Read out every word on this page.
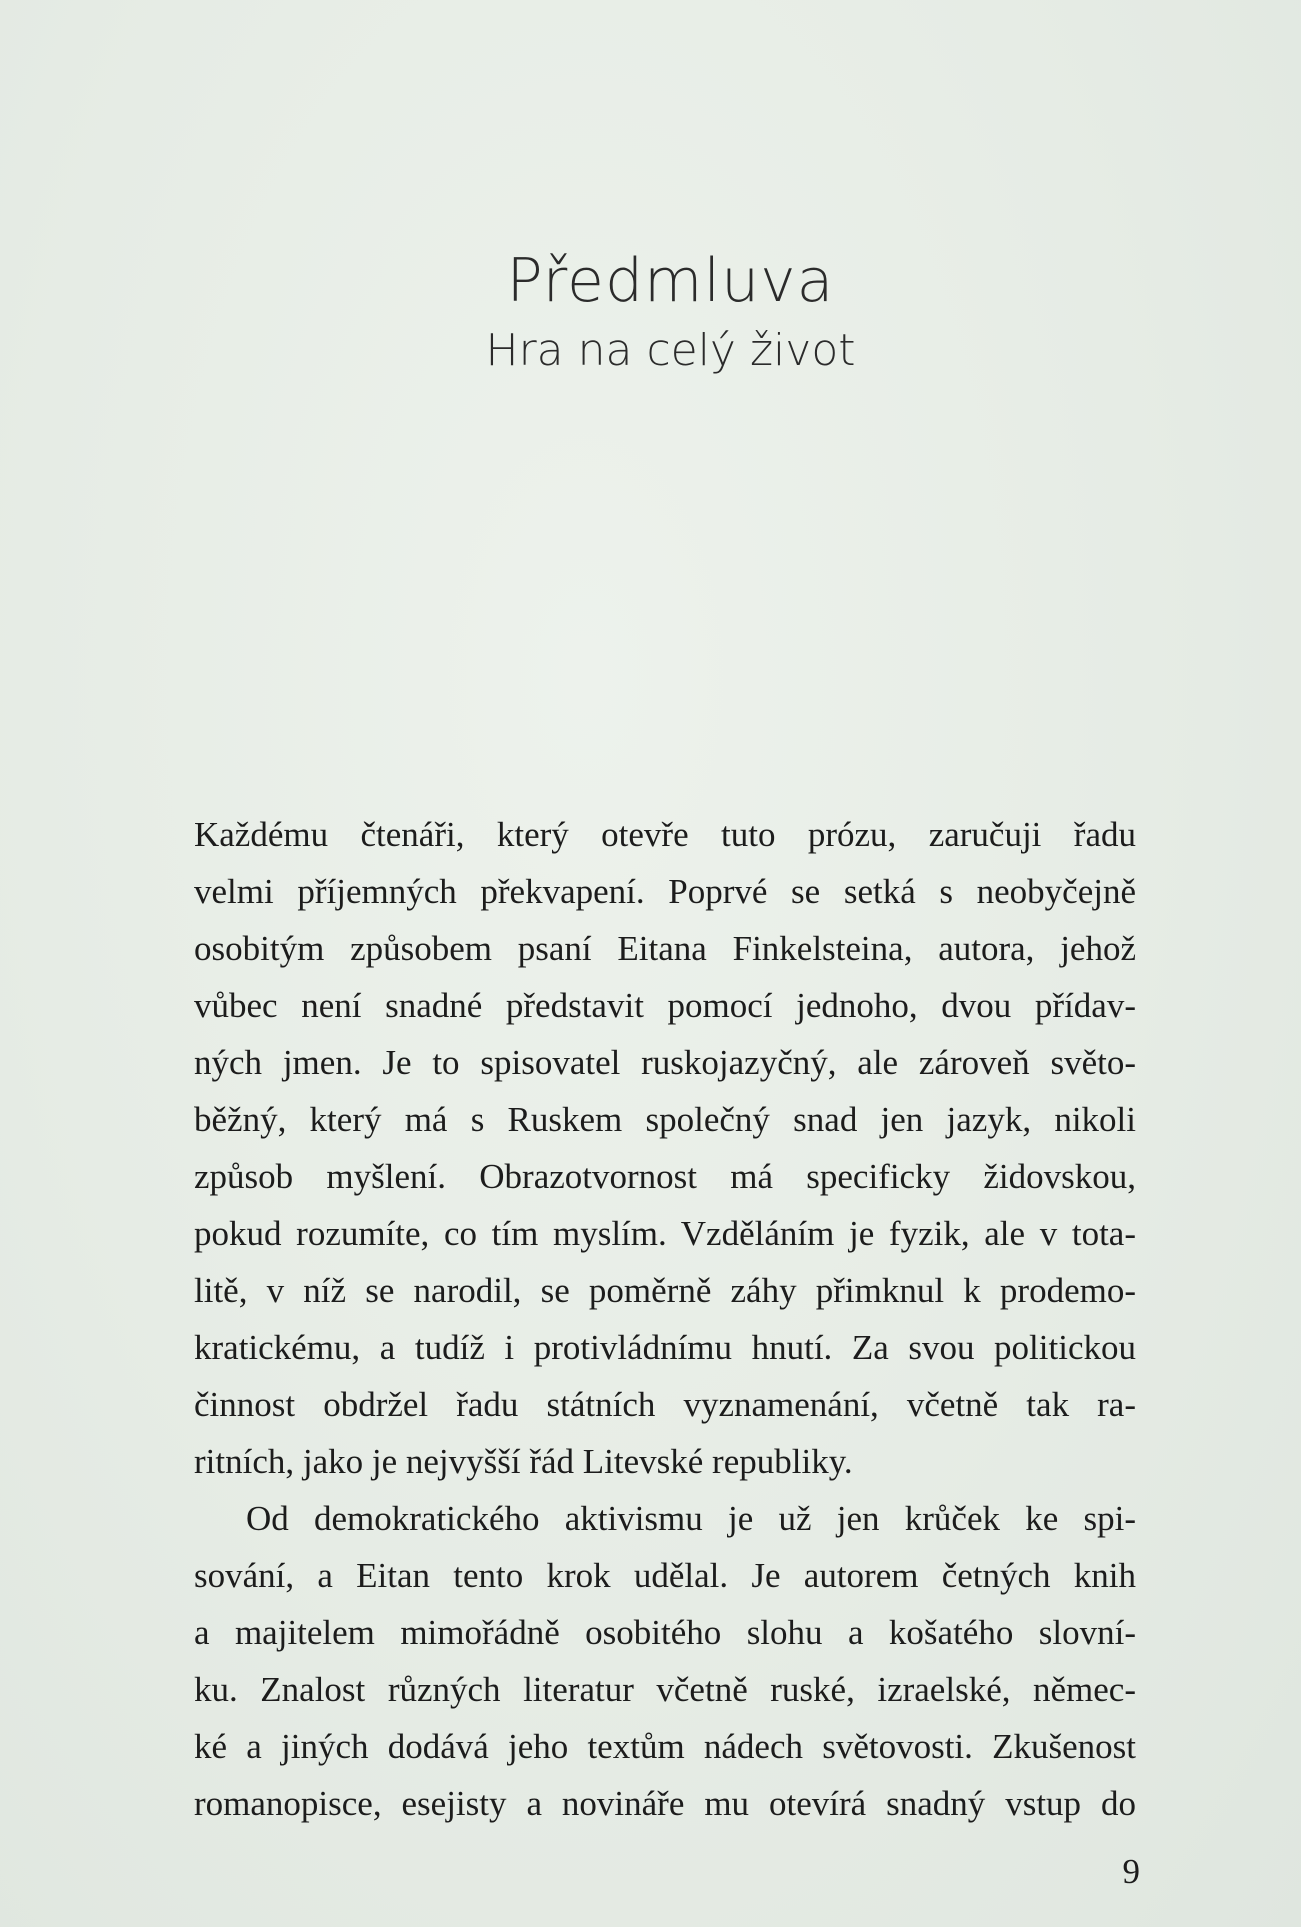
Předmluva
Hra na celý život
Každému čtenáři, který otevře tuto prózu, zaručuji řadu
velmi příjemných překvapení. Poprvé se setká s neobyčejně
osobitým způsobem psaní Eitana Finkelsteina, autora, jehož
vůbec není snadné představit pomocí jednoho, dvou přídav-
ných jmen. Je to spisovatel ruskojazyčný, ale zároveň světo-
běžný, který má s Ruskem společný snad jen jazyk, nikoli
způsob myšlení. Obrazotvornost má specificky židovskou,
pokud rozumíte, co tím myslím. Vzděláním je fyzik, ale v tota-
litě, v níž se narodil, se poměrně záhy přimknul k prodemo-
kratickému, a tudíž i protivládnímu hnutí. Za svou politickou
činnost obdržel řadu státních vyznamenání, včetně tak ra-
ritních, jako je nejvyšší řád Litevské republiky.
Od demokratického aktivismu je už jen krůček ke spi-
sování, a Eitan tento krok udělal. Je autorem četných knih
a majitelem mimořádně osobitého slohu a košatého slovní-
ku. Znalost různých literatur včetně ruské, izraelské, němec-
ké a jiných dodává jeho textům nádech světovosti. Zkušenost
romanopisce, esejisty a novináře mu otevírá snadný vstup do
9
